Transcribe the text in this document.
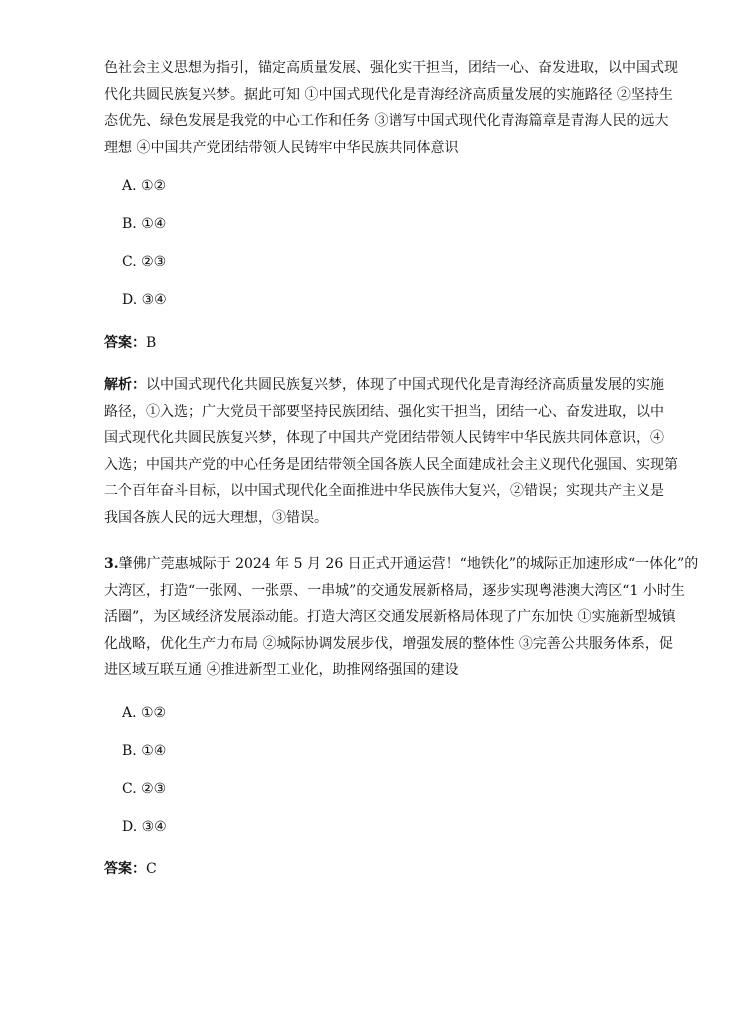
色社会主义思想为指引，锚定高质量发展、强化实干担当，团结一心、奋发进取，以中国式现
代化共圆民族复兴梦。据此可知 ①中国式现代化是青海经济高质量发展的实施路径 ②坚持生
态优先、绿色发展是我党的中心工作和任务 ③谱写中国式现代化青海篇章是青海人民的远大
理想 ④中国共产党团结带领人民铸牢中华民族共同体意识
A. ①②
B. ①④
C. ②③
D. ③④
答案：B
解析：以中国式现代化共圆民族复兴梦，体现了中国式现代化是青海经济高质量发展的实施
路径，①入选；广大党员干部要坚持民族团结、强化实干担当，团结一心、奋发进取，以中
国式现代化共圆民族复兴梦，体现了中国共产党团结带领人民铸牢中华民族共同体意识，④
入选；中国共产党的中心任务是团结带领全国各族人民全面建成社会主义现代化强国、实现第
二个百年奋斗目标，以中国式现代化全面推进中华民族伟大复兴，②错误；实现共产主义是
我国各族人民的远大理想，③错误。
3.肇佛广莞惠城际于 2024 年 5 月 26 日正式开通运营！“地铁化”的城际正加速形成“一体化”的
大湾区，打造“一张网、一张票、一串城”的交通发展新格局，逐步实现粤港澳大湾区“1 小时生
活圈”，为区域经济发展添动能。打造大湾区交通发展新格局体现了广东加快 ①实施新型城镇
化战略，优化生产力布局 ②城际协调发展步伐，增强发展的整体性 ③完善公共服务体系，促
进区域互联互通 ④推进新型工业化，助推网络强国的建设
A. ①②
B. ①④
C. ②③
D. ③④
答案：C
